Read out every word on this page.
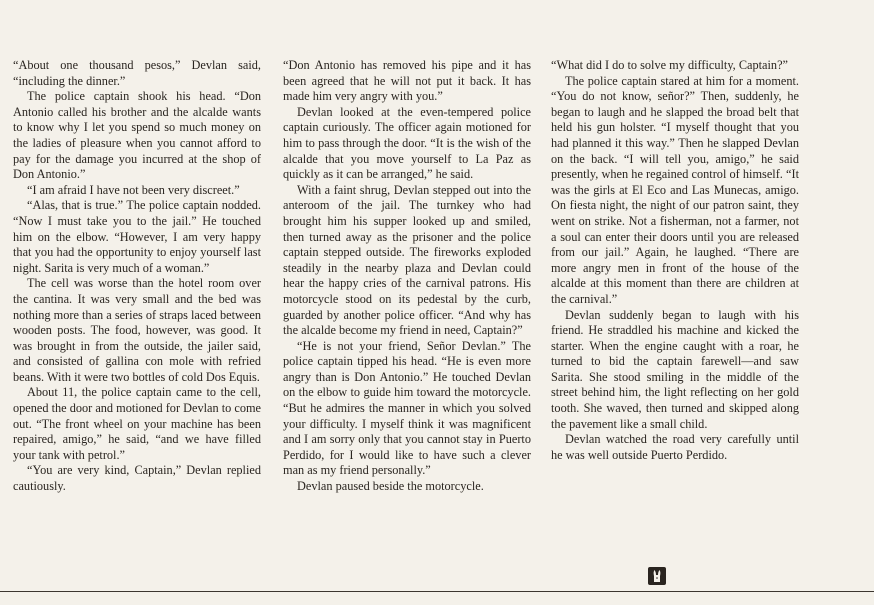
“About one thousand pesos,” Devlan said, “including the dinner.”

The police captain shook his head. “Don Antonio called his brother and the alcalde wants to know why I let you spend so much money on the ladies of pleasure when you cannot afford to pay for the damage you incurred at the shop of Don Antonio.”

“I am afraid I have not been very discreet.”

“Alas, that is true.” The police captain nodded. “Now I must take you to the jail.” He touched him on the elbow. “However, I am very happy that you had the opportunity to enjoy yourself last night. Sarita is very much of a woman.”

The cell was worse than the hotel room over the cantina. It was very small and the bed was nothing more than a series of straps laced between wooden posts. The food, however, was good. It was brought in from the outside, the jailer said, and consisted of gallina con mole with refried beans. With it were two bottles of cold Dos Equis.

About 11, the police captain came to the cell, opened the door and motioned for Devlan to come out. “The front wheel on your machine has been repaired, amigo,” he said, “and we have filled your tank with petrol.”

“You are very kind, Captain,” Devlan replied cautiously.

“Don Antonio has removed his pipe and it has been agreed that he will not put it back. It has made him very angry with you.”

Devlan looked at the even-tempered police captain curiously. The officer again motioned for him to pass through the door. “It is the wish of the alcalde that you move yourself to La Paz as quickly as it can be arranged,” he said.

With a faint shrug, Devlan stepped out into the anteroom of the jail. The turnkey who had brought him his supper looked up and smiled, then turned away as the prisoner and the police captain stepped outside. The fireworks exploded steadily in the nearby plaza and Devlan could hear the happy cries of the carnival patrons. His motorcycle stood on its pedestal by the curb, guarded by another police officer. “And why has the alcalde become my friend in need, Captain?”

“He is not your friend, Señor Devlan.” The police captain tipped his head. “He is even more angry than is Don Antonio.” He touched Devlan on the elbow to guide him toward the motorcycle. “But he admires the manner in which you solved your difficulty. I myself think it was magnificent and I am sorry only that you cannot stay in Puerto Perdido, for I would like to have such a clever man as my friend personally.”

Devlan paused beside the motorcycle.

“What did I do to solve my difficulty, Captain?”

The police captain stared at him for a moment. “You do not know, señor?” Then, suddenly, he began to laugh and he slapped the broad belt that held his gun holster. “I myself thought that you had planned it this way.” Then he slapped Devlan on the back. “I will tell you, amigo,” he said presently, when he regained control of himself. “It was the girls at El Eco and Las Munecas, amigo. On fiesta night, the night of our patron saint, they went on strike. Not a fisherman, not a farmer, not a soul can enter their doors until you are released from our jail.” Again, he laughed. “There are more angry men in front of the house of the alcalde at this moment than there are children at the carnival.”

Devlan suddenly began to laugh with his friend. He straddled his machine and kicked the starter. When the engine caught with a roar, he turned to bid the captain farewell—and saw Sarita. She stood smiling in the middle of the street behind him, the light reflecting on her gold tooth. She waved, then turned and skipped along the pavement like a small child.

Devlan watched the road very carefully until he was well outside Puerto Perdido.
